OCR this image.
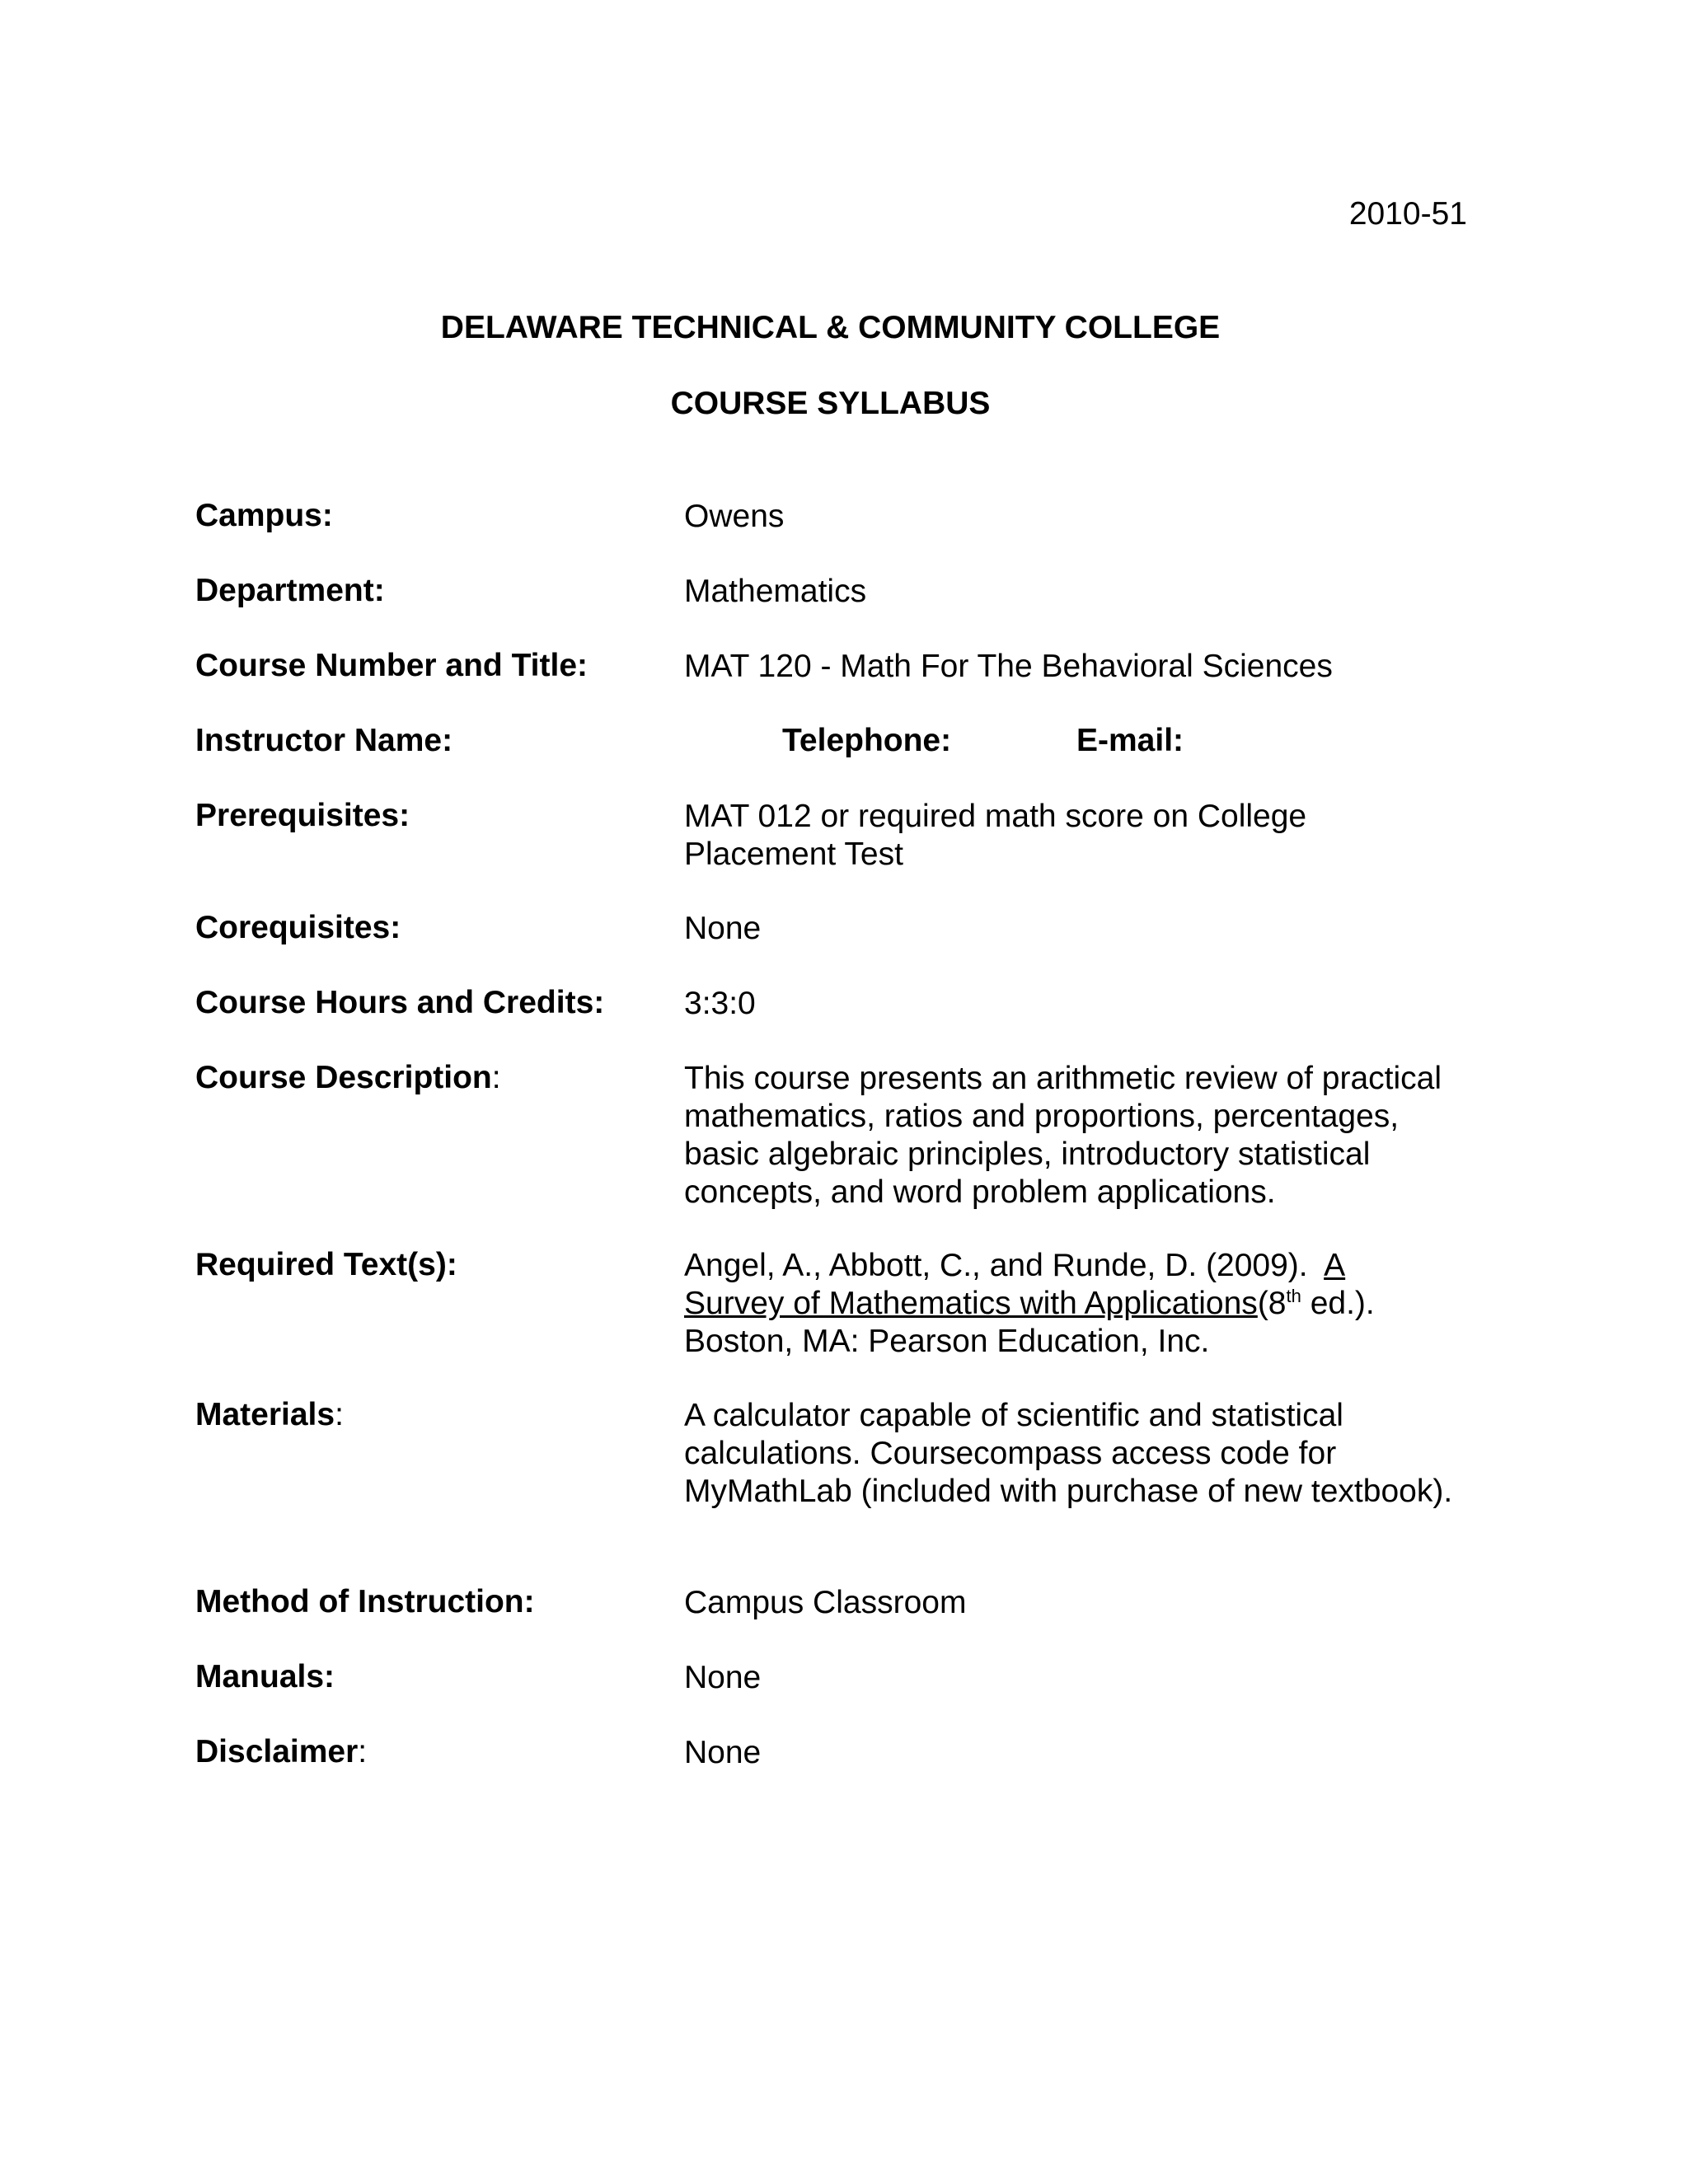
2010-51
DELAWARE TECHNICAL & COMMUNITY COLLEGE
COURSE SYLLABUS
Campus:	Owens
Department:	Mathematics
Course Number and Title:	MAT 120 - Math For The Behavioral Sciences
Instructor Name:	Telephone:	E-mail:
Prerequisites:	MAT 012 or required math score on College
Placement Test
Corequisites:	None
Course Hours and Credits: 3:3:0
Course Description:	This course presents an arithmetic review of practical
mathematics, ratios and proportions, percentages,
basic algebraic principles, introductory statistical
concepts, and word problem applications.
Required Text(s):	Angel, A., Abbott, C., and Runde, D. (2009).  A
Survey of Mathematics with Applications(8th ed.).
Boston, MA: Pearson Education, Inc.
Materials:	A calculator capable of scientific and statistical
calculations. Coursecompass access code for
MyMathLab (included with purchase of new textbook).
Method of Instruction:	Campus Classroom
Manuals:	None
Disclaimer:	None
